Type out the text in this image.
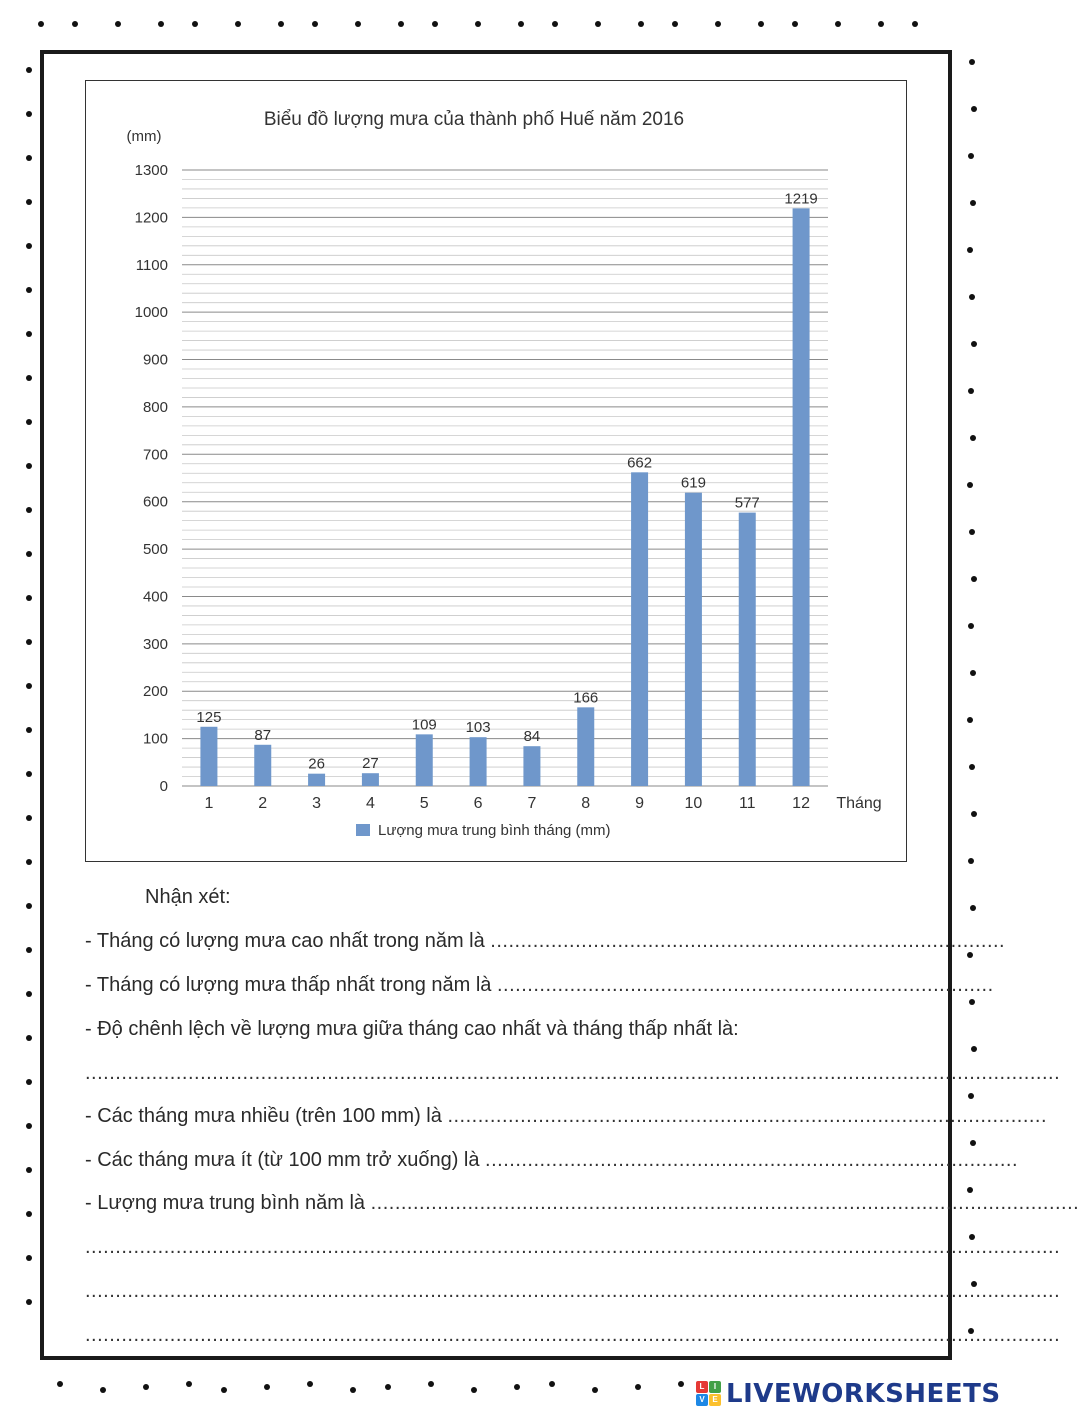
Biểu đồ lượng mưa của thành phố Huế năm 2016
(mm)
Tháng
0
100
200
300
400
500
600
700
800
900
1000
1100
1200
1300
125
87
26 27
109 103
84
166
662
619
577
1219
1	2	3	4	5	6	7	8	9	10 11 12
Lượng mưa trung bình tháng (mm)
Nhận xét:
- Tháng có lượng mưa cao nhất trong năm là .....................................................................................
- Tháng có lượng mưa thấp nhất trong năm là ..................................................................................
- Độ chênh lệch về lượng mưa giữa tháng cao nhất và tháng thấp nhất là:
.................................................................................................................................................................
- Các tháng mưa nhiều (trên 100 mm) là ...................................................................................................
- Các tháng mưa ít (từ 100 mm trở xuống) là ........................................................................................
- Lượng mưa trung bình năm là .....................................................................................................................
.................................................................................................................................................................
.................................................................................................................................................................
.................................................................................................................................................................
L	I
V E LIVEWORKSHEETS
